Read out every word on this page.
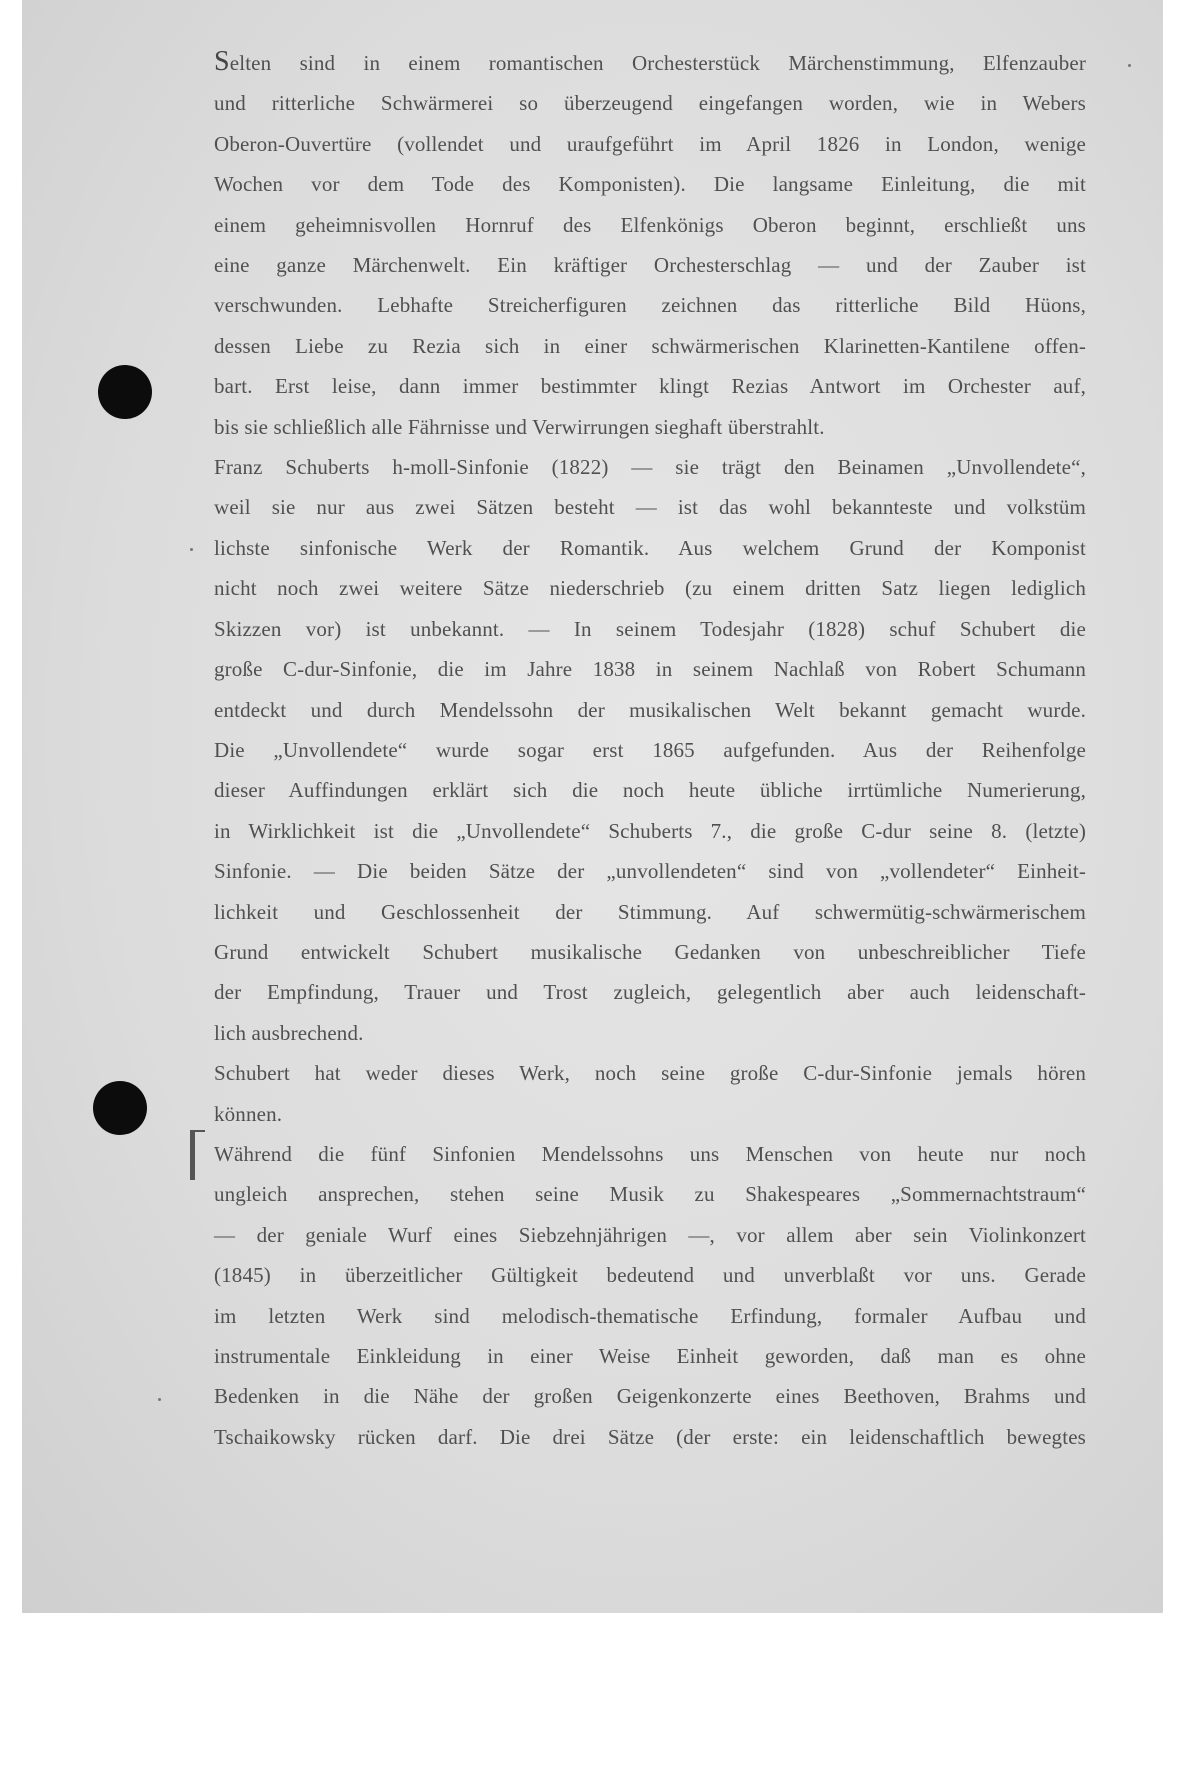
Selten sind in einem romantischen Orchesterstück Märchenstimmung, Elfenzauber
und ritterliche Schwärmerei so überzeugend eingefangen worden, wie in Webers
Oberon-Ouvertüre (vollendet und uraufgeführt im April 1826 in London, wenige
Wochen vor dem Tode des Komponisten). Die langsame Einleitung, die mit
einem geheimnisvollen Hornruf des Elfenkönigs Oberon beginnt, erschließt uns
eine ganze Märchenwelt. Ein kräftiger Orchesterschlag — und der Zauber ist
verschwunden. Lebhafte Streicherfiguren zeichnen das ritterliche Bild Hüons,
dessen Liebe zu Rezia sich in einer schwärmerischen Klarinetten-Kantilene offen-
bart. Erst leise, dann immer bestimmter klingt Rezias Antwort im Orchester auf,
bis sie schließlich alle Fährnisse und Verwirrungen sieghaft überstrahlt.
Franz Schuberts h-moll-Sinfonie (1822) — sie trägt den Beinamen „Unvollendete“,
weil sie nur aus zwei Sätzen besteht — ist das wohl bekannteste und volkstüm
lichste sinfonische Werk der Romantik. Aus welchem Grund der Komponist
nicht noch zwei weitere Sätze niederschrieb (zu einem dritten Satz liegen lediglich
Skizzen vor) ist unbekannt. — In seinem Todesjahr (1828) schuf Schubert die
große C-dur-Sinfonie, die im Jahre 1838 in seinem Nachlaß von Robert Schumann
entdeckt und durch Mendelssohn der musikalischen Welt bekannt gemacht wurde.
Die „Unvollendete“ wurde sogar erst 1865 aufgefunden. Aus der Reihenfolge
dieser Auffindungen erklärt sich die noch heute übliche irrtümliche Numerierung,
in Wirklichkeit ist die „Unvollendete“ Schuberts 7., die große C-dur seine 8. (letzte)
Sinfonie. — Die beiden Sätze der „unvollendeten“ sind von „vollendeter“ Einheit-
lichkeit und Geschlossenheit der Stimmung. Auf schwermütig-schwärmerischem
Grund entwickelt Schubert musikalische Gedanken von unbeschreiblicher Tiefe
der Empfindung, Trauer und Trost zugleich, gelegentlich aber auch leidenschaft-
lich ausbrechend.
Schubert hat weder dieses Werk, noch seine große C-dur-Sinfonie jemals hören
können.
Während die fünf Sinfonien Mendelssohns uns Menschen von heute nur noch
ungleich ansprechen, stehen seine Musik zu Shakespeares „Sommernachtstraum“
— der geniale Wurf eines Siebzehnjährigen —, vor allem aber sein Violinkonzert
(1845) in überzeitlicher Gültigkeit bedeutend und unverblaßt vor uns. Gerade
im letzten Werk sind melodisch-thematische Erfindung, formaler Aufbau und
instrumentale Einkleidung in einer Weise Einheit geworden, daß man es ohne
Bedenken in die Nähe der großen Geigenkonzerte eines Beethoven, Brahms und
Tschaikowsky rücken darf. Die drei Sätze (der erste: ein leidenschaftlich bewegtes
